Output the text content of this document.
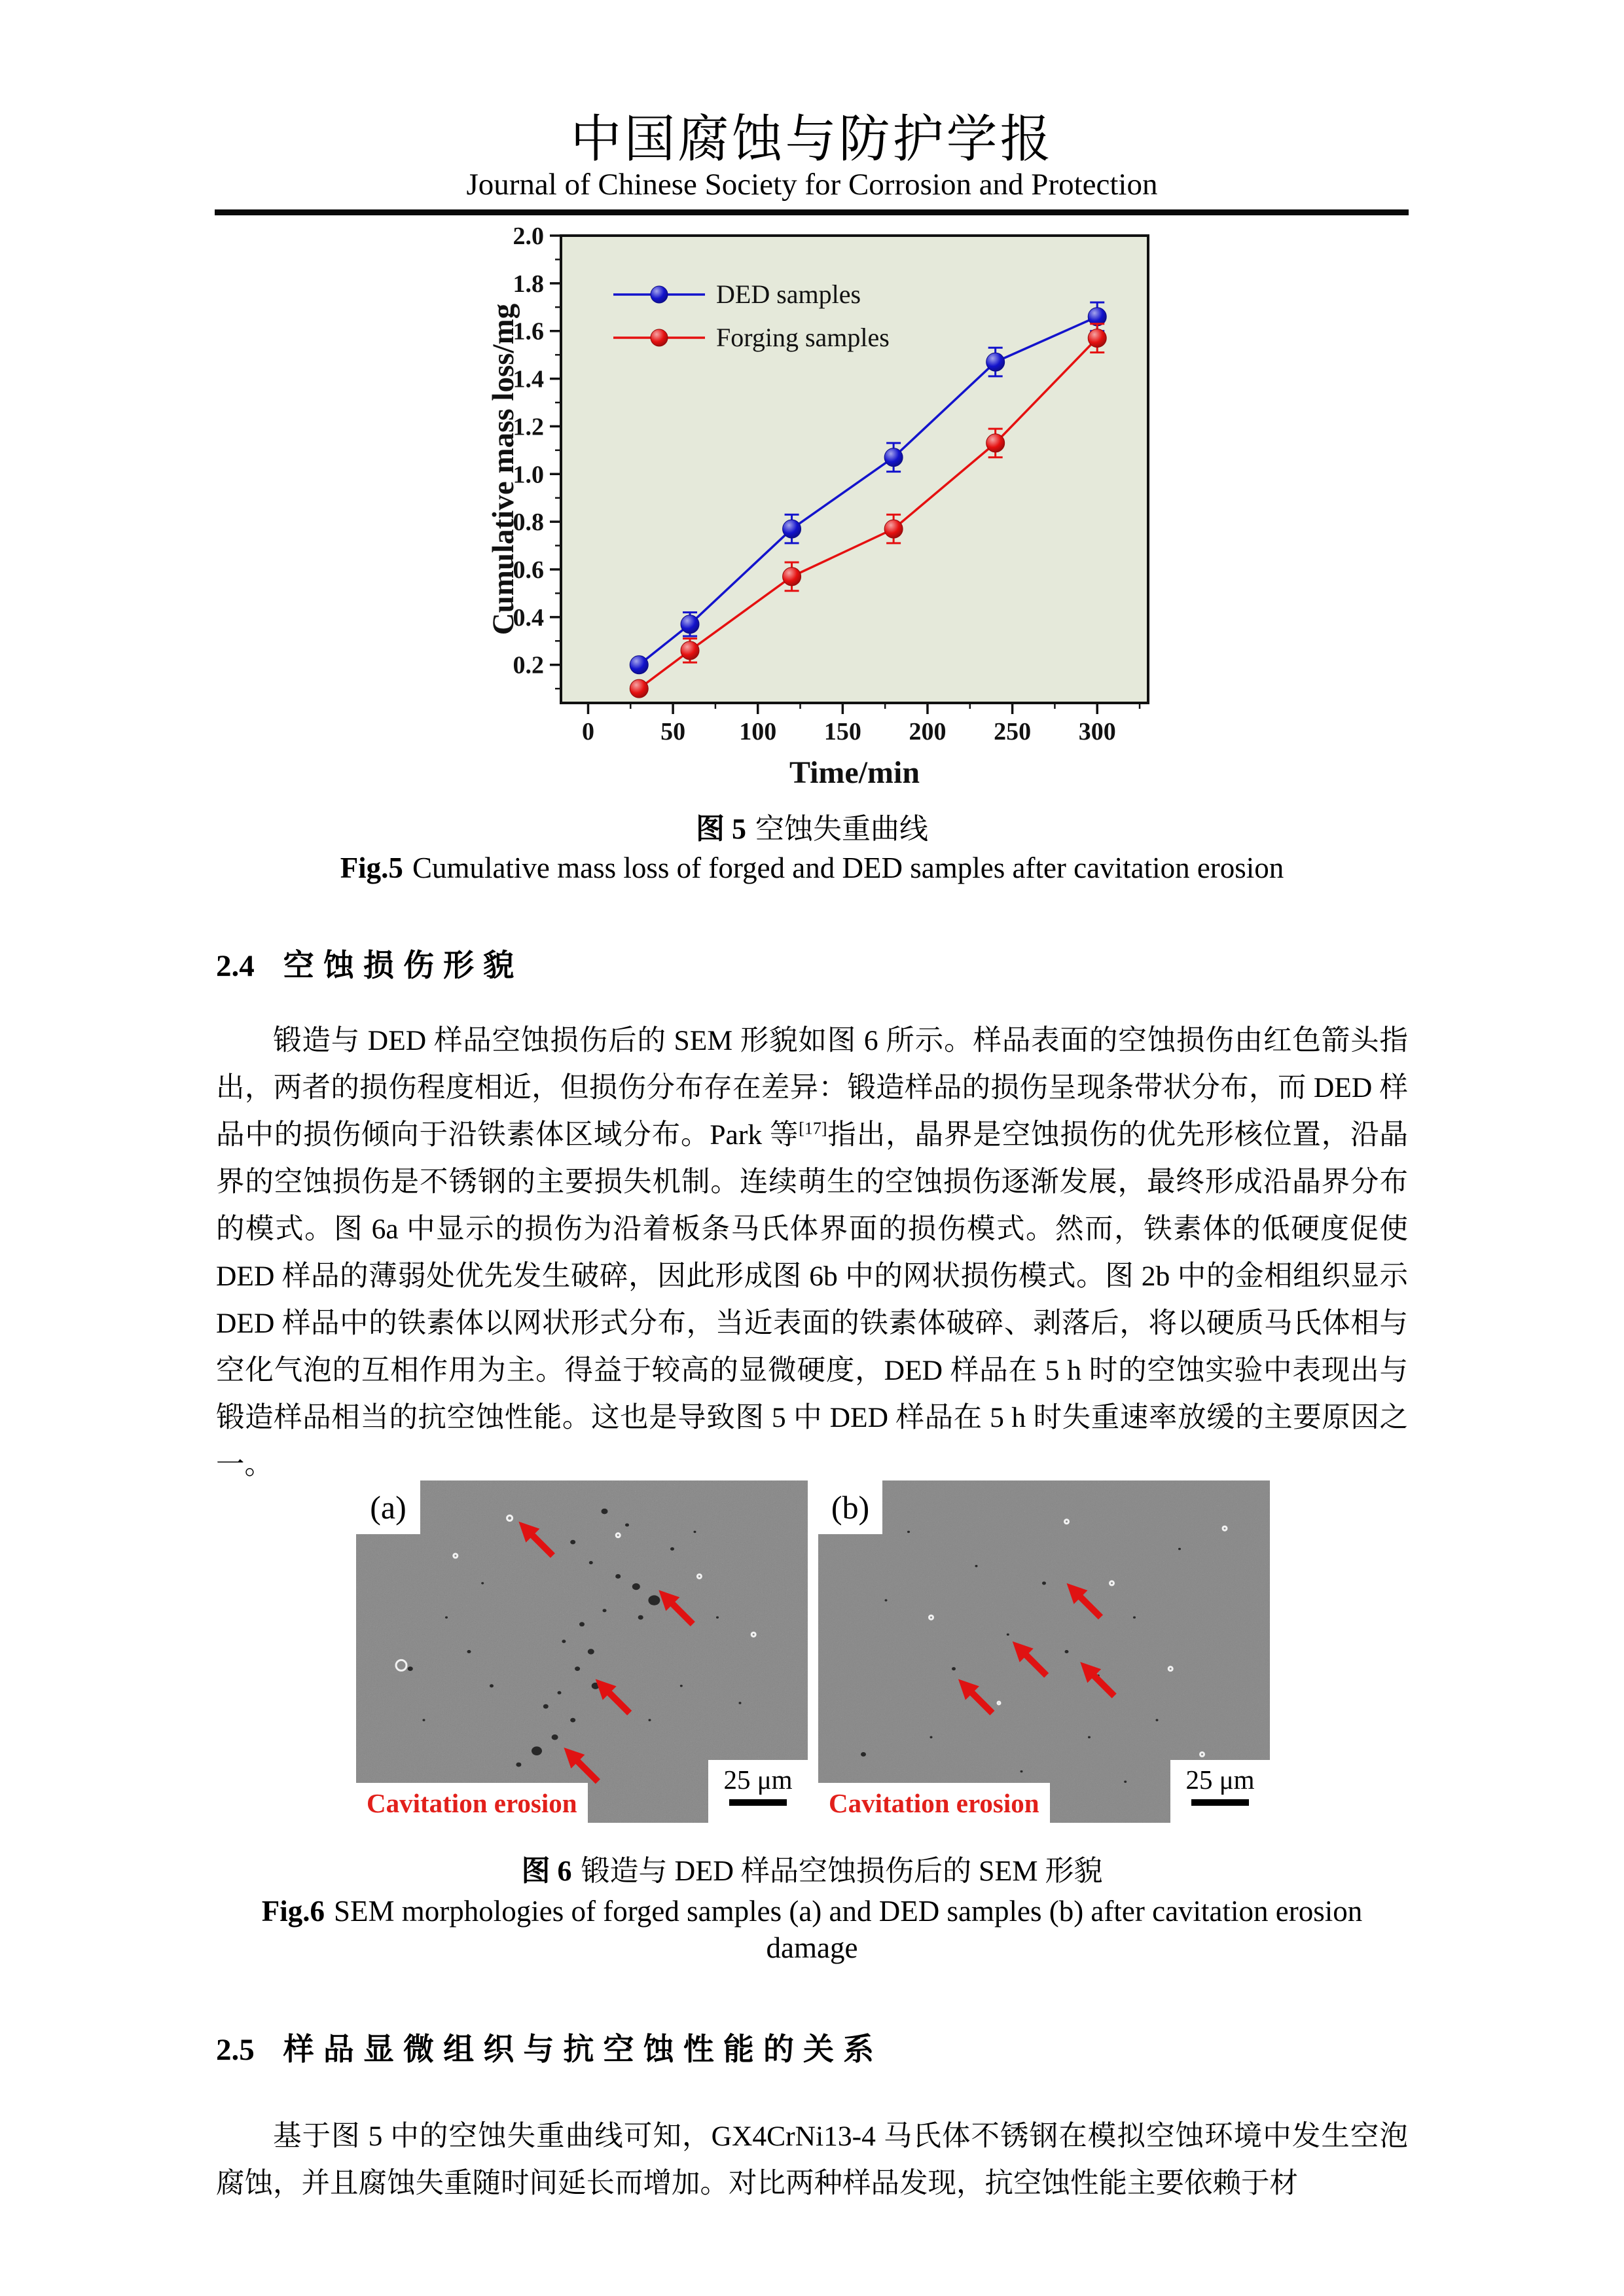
中国腐蚀与防护学报
Journal of Chinese Society for Corrosion and Protection
0	50 100 150 200 250 300
0.2
0.4
0.6
0.8
1.0
1.2
1.4
1.6
1.8
2.0
Time/min
Cumulative mass loss/mg
DED samples
Forging samples
图 5 空蚀失重曲线
Fig.5 Cumulative mass loss of forged and DED samples after cavitation erosion
2.4 空蚀损伤形貌

锻造与 DED 样品空蚀损伤后的 SEM 形貌如图 6 所示。样品表面的空蚀损伤由红色箭头指出，两者的损伤程度相近，但损伤分布存在差异：锻造样品的损伤呈现条带状分布，而 DED 样品中的损伤倾向于沿铁素体区域分布。Park 等[17]指出，晶界是空蚀损伤的优先形核位置，沿晶界的空蚀损伤是不锈钢的主要损失机制。连续萌生的空蚀损伤逐渐发展，最终形成沿晶界分布的模式。图 6a 中显示的损伤为沿着板条马氏体界面的损伤模式。然而，铁素体的低硬度促使 DED 样品的薄弱处优先发生破碎，因此形成图 6b 中的网状损伤模式。图 2b 中的金相组织显示 DED 样品中的铁素体以网状形式分布，当近表面的铁素体破碎、剥落后，将以硬质马氏体相与空化气泡的互相作用为主。得益于较高的显微硬度，DED 样品在 5 h 时的空蚀实验中表现出与锻造样品相当的抗空蚀性能。这也是导致图 5 中 DED 样品在 5 h 时失重速率放缓的主要原因之一。

(a)
Cavitation erosion
25 μm
(b)
Cavitation erosion
25 μm
图 6 锻造与 DED 样品空蚀损伤后的 SEM 形貌
Fig.6 SEM morphologies of forged samples (a) and DED samples (b) after cavitation erosion
damage
2.5 样品显微组织与抗空蚀性能的关系

基于图 5 中的空蚀失重曲线可知，GX4CrNi13-4 马氏体不锈钢在模拟空蚀环境中发生空泡腐蚀，并且腐蚀失重随时间延长而增加。对比两种样品发现，抗空蚀性能主要依赖于材
